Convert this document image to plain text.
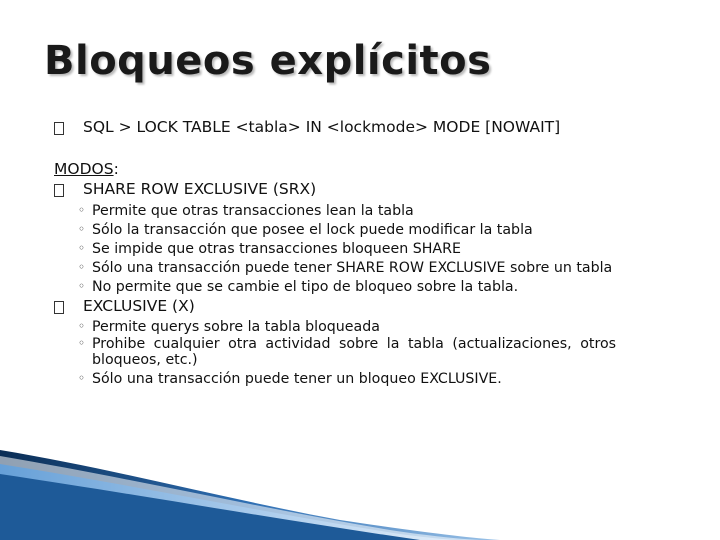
Bloqueos explícitos
SQL > LOCK TABLE <tabla> IN <lockmode> MODE [NOWAIT]
MODOS:
SHARE ROW EXCLUSIVE (SRX)
◦ Permite que otras transacciones lean la tabla
◦ Sólo la transacción que posee el lock puede modificar la tabla
◦ Se impide que otras transacciones bloqueen SHARE
◦ Sólo una transacción puede tener SHARE ROW EXCLUSIVE sobre un tabla
◦ No permite que se cambie el tipo de bloqueo sobre la tabla.
EXCLUSIVE (X)
◦ Permite querys sobre la tabla bloqueada
◦ Prohibe cualquier otra actividad sobre la tabla (actualizaciones, otros
bloqueos, etc.)
◦ Sólo una transacción puede tener un bloqueo EXCLUSIVE.
